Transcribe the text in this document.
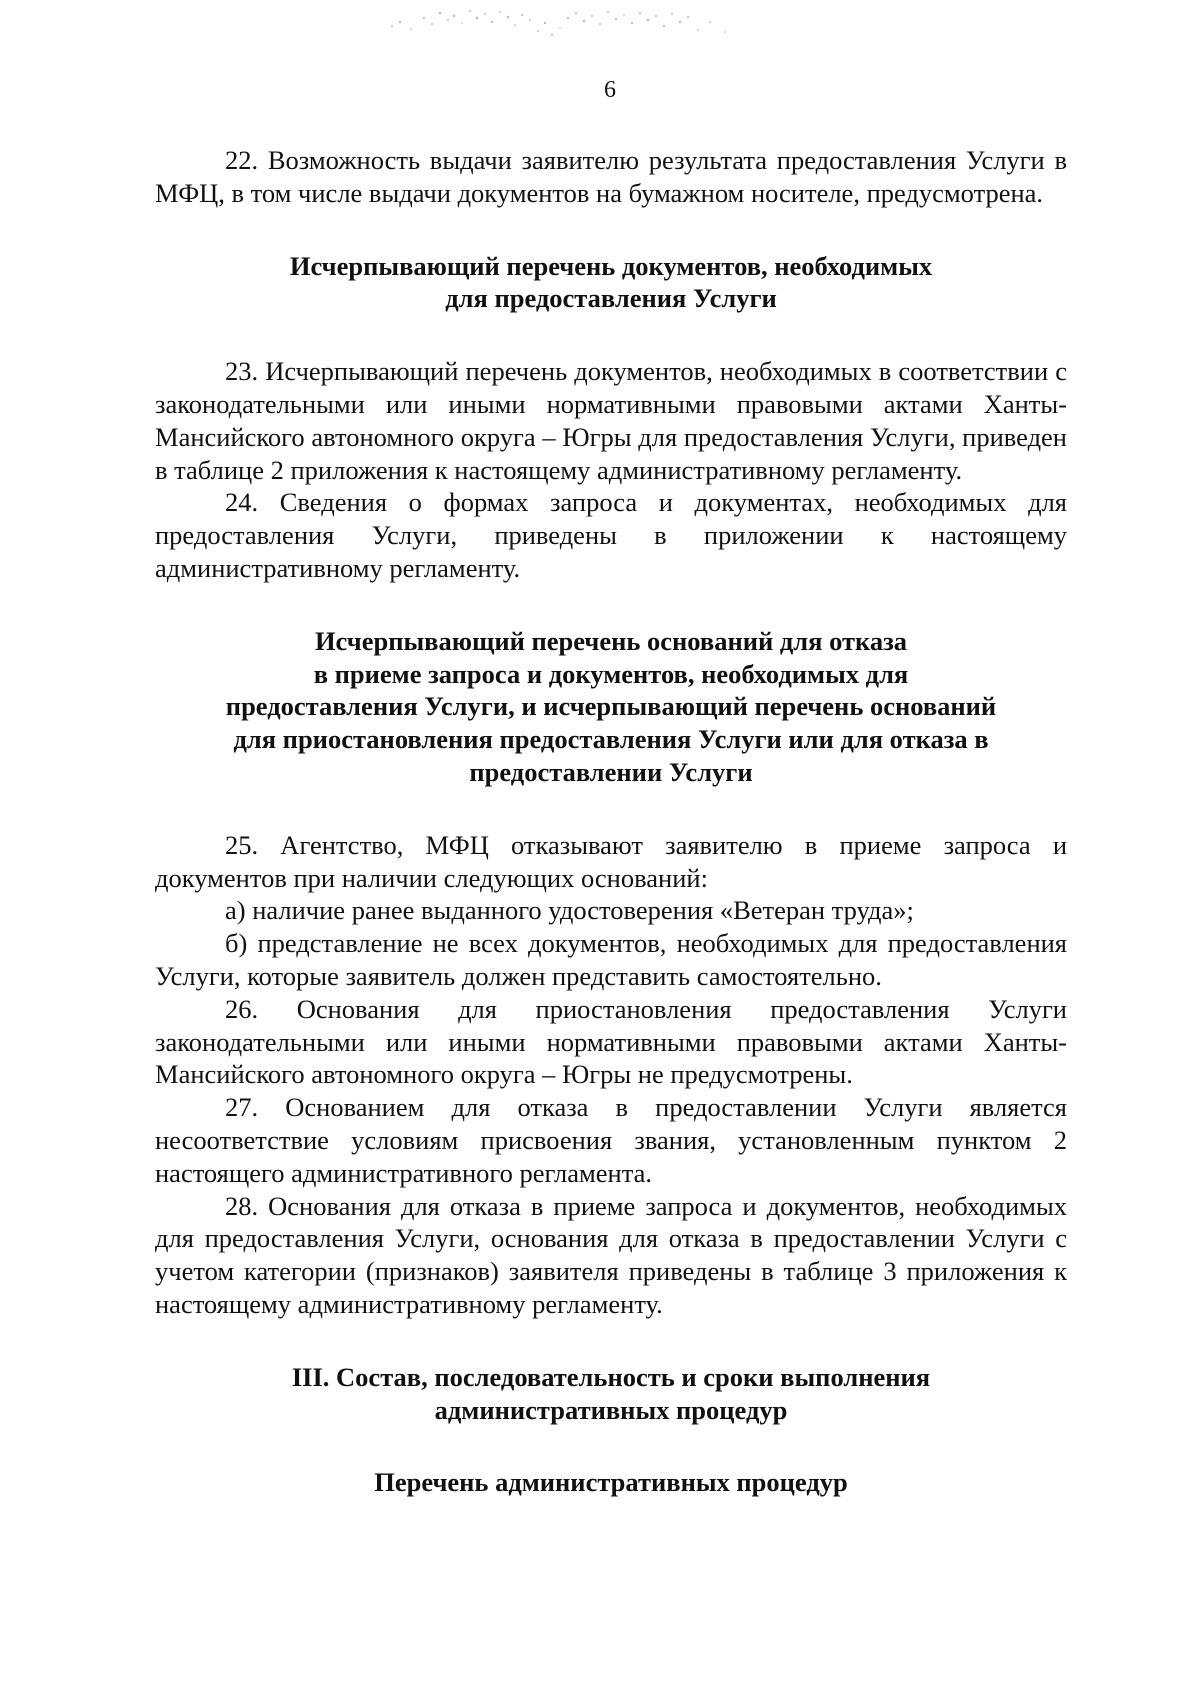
6

22. Возможность выдачи заявителю результата предоставления Услуги в МФЦ, в том числе выдачи документов на бумажном носителе, предусмотрена.

Исчерпывающий перечень документов, необходимых
для предоставления Услуги

23. Исчерпывающий перечень документов, необходимых в соответствии с законодательными или иными нормативными правовыми актами Ханты-Мансийского автономного округа – Югры для предоставления Услуги, приведен в таблице 2 приложения к настоящему административному регламенту.

24. Сведения о формах запроса и документах, необходимых для предоставления Услуги, приведены в приложении к настоящему административному регламенту.

Исчерпывающий перечень оснований для отказа
в приеме запроса и документов, необходимых для
предоставления Услуги, и исчерпывающий перечень оснований
для приостановления предоставления Услуги или для отказа в
предоставлении Услуги

25. Агентство, МФЦ отказывают заявителю в приеме запроса и документов при наличии следующих оснований:

а) наличие ранее выданного удостоверения «Ветеран труда»;

б) представление не всех документов, необходимых для предоставления Услуги, которые заявитель должен представить самостоятельно.

26. Основания для приостановления предоставления Услуги законодательными или иными нормативными правовыми актами Ханты-Мансийского автономного округа – Югры не предусмотрены.

27. Основанием для отказа в предоставлении Услуги является несоответствие условиям присвоения звания, установленным пунктом 2 настоящего административного регламента.

28. Основания для отказа в приеме запроса и документов, необходимых для предоставления Услуги, основания для отказа в предоставлении Услуги с учетом категории (признаков) заявителя приведены в таблице 3 приложения к настоящему административному регламенту.

III. Состав, последовательность и сроки выполнения
административных процедур
Перечень административных процедур
